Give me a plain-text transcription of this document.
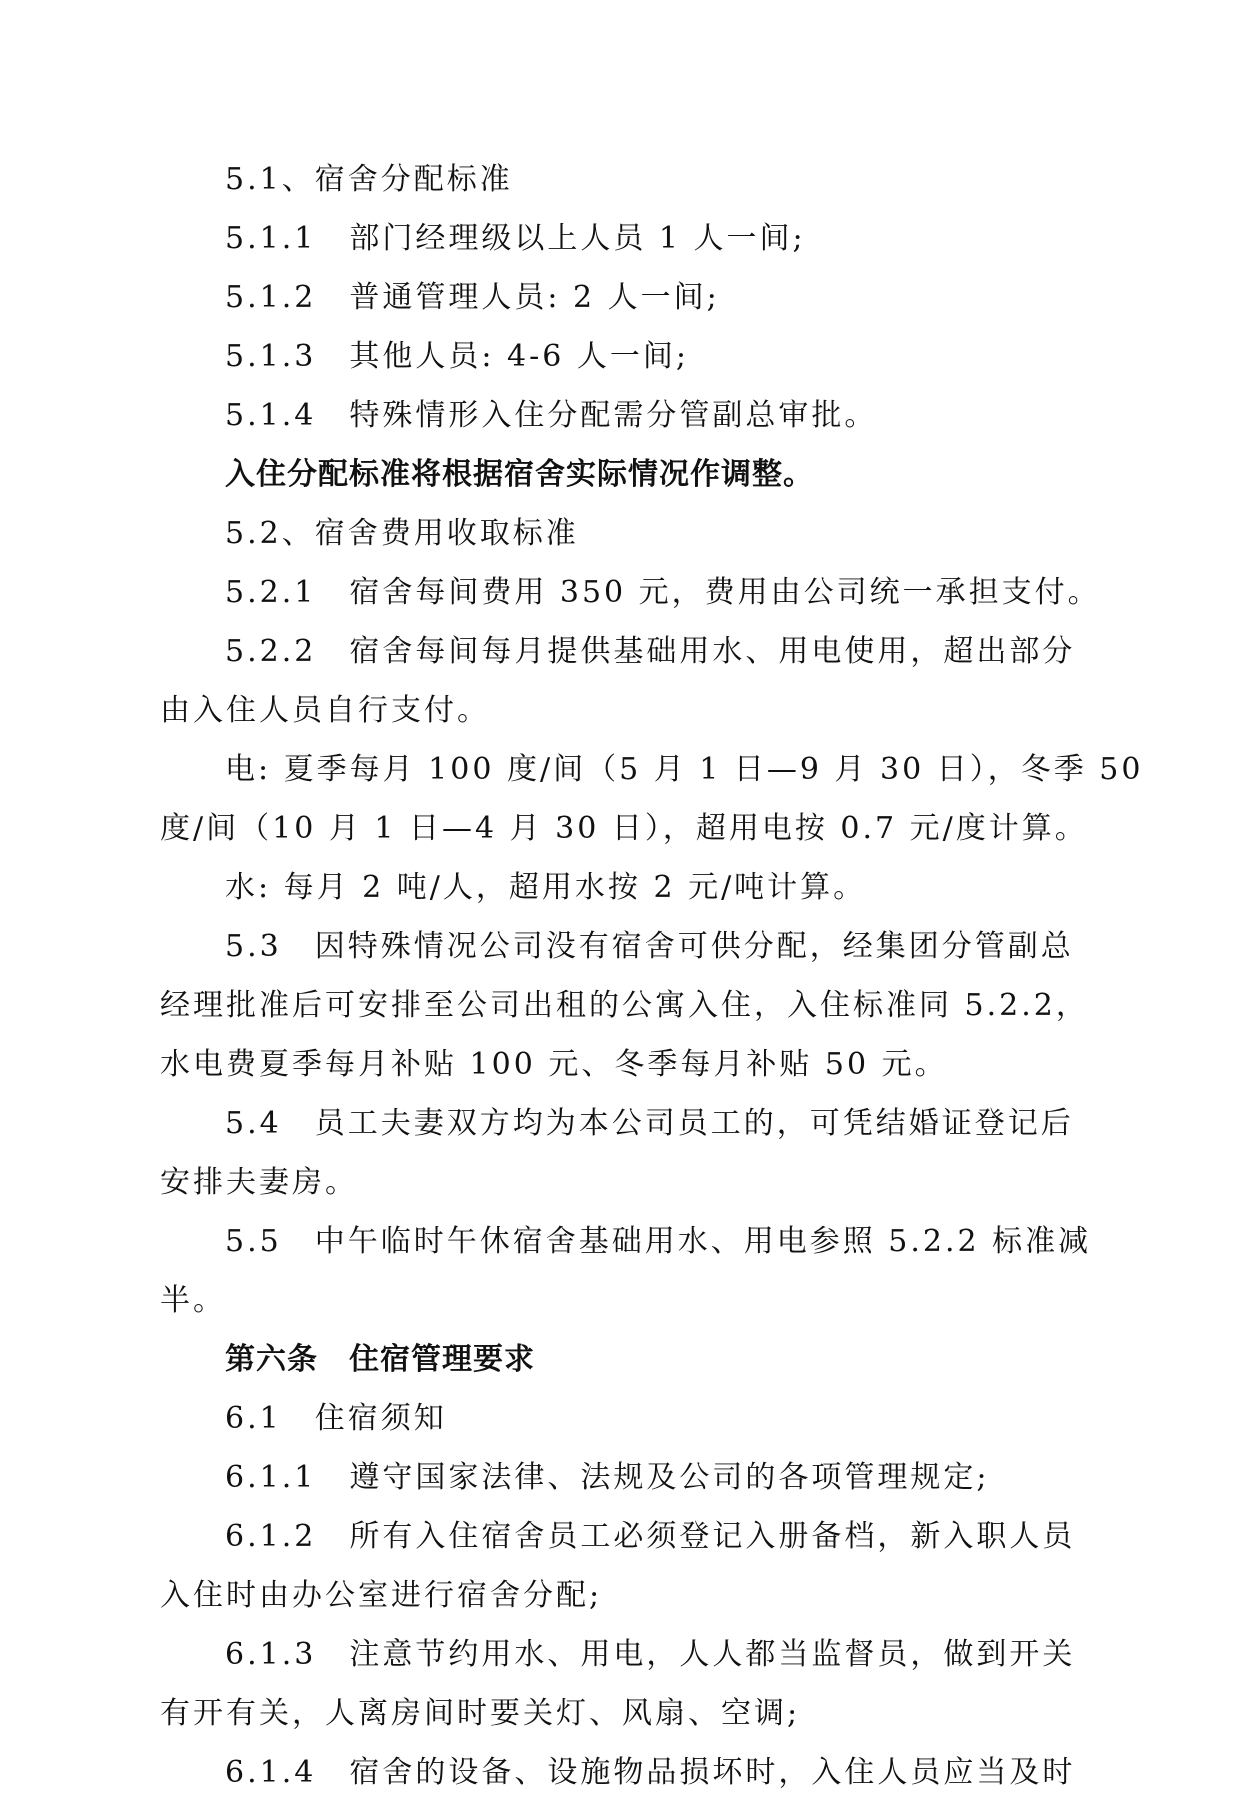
5.1、宿舍分配标准

5.1.1　部门经理级以上人员 1 人一间;

5.1.2　普通管理人员: 2 人一间;

5.1.3　其他人员: 4-6 人一间;

5.1.4　特殊情形入住分配需分管副总审批。

入住分配标准将根据宿舍实际情况作调整。

5.2、宿舍费用收取标准

5.2.1　宿舍每间费用 350 元，费用由公司统一承担支付。

5.2.2　宿舍每间每月提供基础用水、用电使用，超出部分

由入住人员自行支付。

电: 夏季每月 100 度/间（5 月 1 日—9 月 30 日），冬季 50

度/间（10 月 1 日—4 月 30 日），超用电按 0.7 元/度计算。

水: 每月 2 吨/人，超用水按 2 元/吨计算。

5.3　因特殊情况公司没有宿舍可供分配，经集团分管副总

经理批准后可安排至公司出租的公寓入住，入住标准同 5.2.2，

水电费夏季每月补贴 100 元、冬季每月补贴 50 元。

5.4　员工夫妻双方均为本公司员工的，可凭结婚证登记后

安排夫妻房。

5.5　中午临时午休宿舍基础用水、用电参照 5.2.2 标准减

半。

第六条　住宿管理要求

6.1　住宿须知

6.1.1　遵守国家法律、法规及公司的各项管理规定;

6.1.2　所有入住宿舍员工必须登记入册备档，新入职人员

入住时由办公室进行宿舍分配;

6.1.3　注意节约用水、用电，人人都当监督员，做到开关

有开有关，人离房间时要关灯、风扇、空调;

6.1.4　宿舍的设备、设施物品损坏时，入住人员应当及时
